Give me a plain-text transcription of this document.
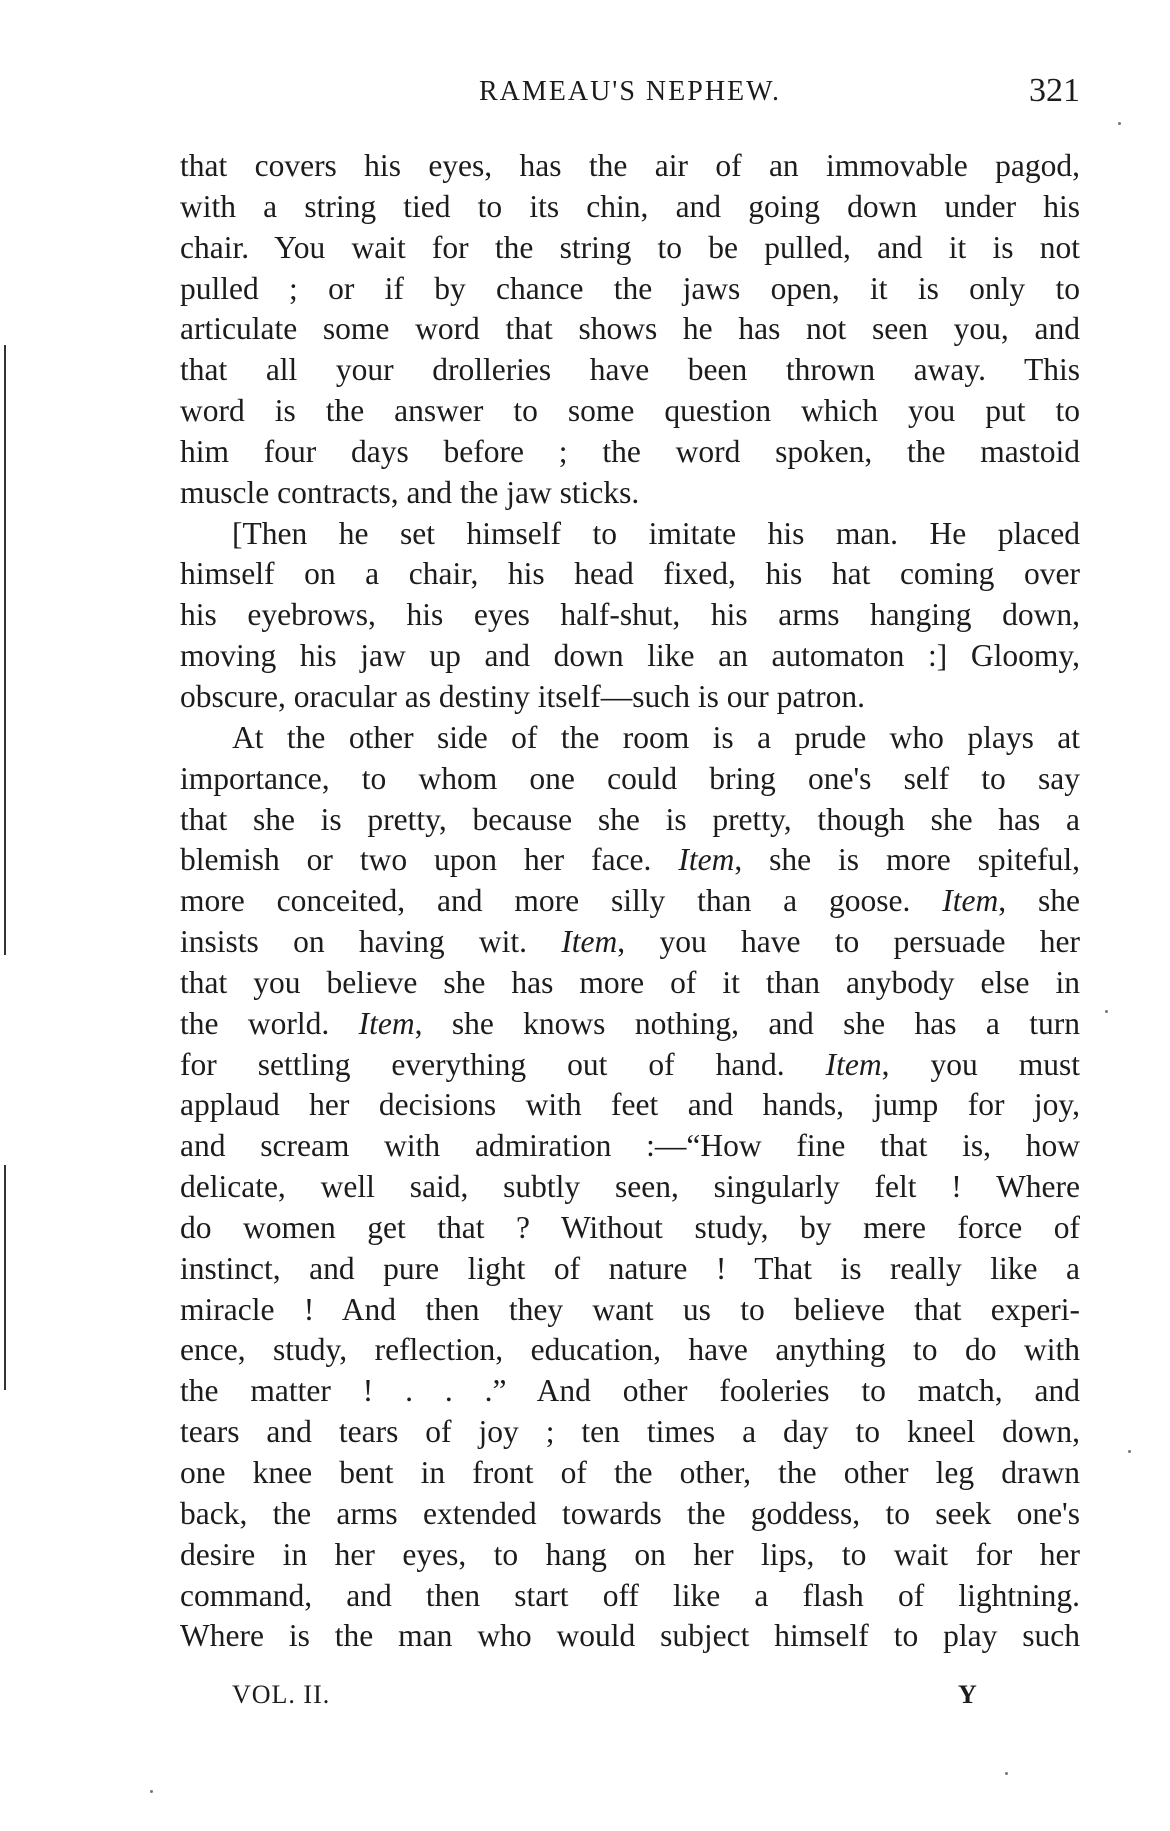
RAMEAU'S NEPHEW.	321
that covers his eyes, has the air of an immovable pagod,
with a string tied to its chin, and going down under his
chair. You wait for the string to be pulled, and it is not
pulled ; or if by chance the jaws open, it is only to
articulate some word that shows he has not seen you, and
that all your drolleries have been thrown away. This
word is the answer to some question which you put to
him four days before ; the word spoken, the mastoid
muscle contracts, and the jaw sticks.
[Then he set himself to imitate his man. He placed
himself on a chair, his head fixed, his hat coming over
his eyebrows, his eyes half-shut, his arms hanging down,
moving his jaw up and down like an automaton :] Gloomy,
obscure, oracular as destiny itself—such is our patron.
At the other side of the room is a prude who plays at
importance, to whom one could bring one's self to say
that she is pretty, because she is pretty, though she has a
blemish or two upon her face. Item, she is more spiteful,
more conceited, and more silly than a goose. Item, she
insists on having wit. Item, you have to persuade her
that you believe she has more of it than anybody else in
the world. Item, she knows nothing, and she has a turn
for settling everything out of hand. Item, you must
applaud her decisions with feet and hands, jump for joy,
and scream with admiration :—“How fine that is, how
delicate, well said, subtly seen, singularly felt ! Where
do women get that ? Without study, by mere force of
instinct, and pure light of nature ! That is really like a
miracle ! And then they want us to believe that experi-
ence, study, reflection, education, have anything to do with
the matter ! . . .” And other fooleries to match, and
tears and tears of joy ; ten times a day to kneel down,
one knee bent in front of the other, the other leg drawn
back, the arms extended towards the goddess, to seek one's
desire in her eyes, to hang on her lips, to wait for her
command, and then start off like a flash of lightning.
Where is the man who would subject himself to play such
VOL. II.	Y
